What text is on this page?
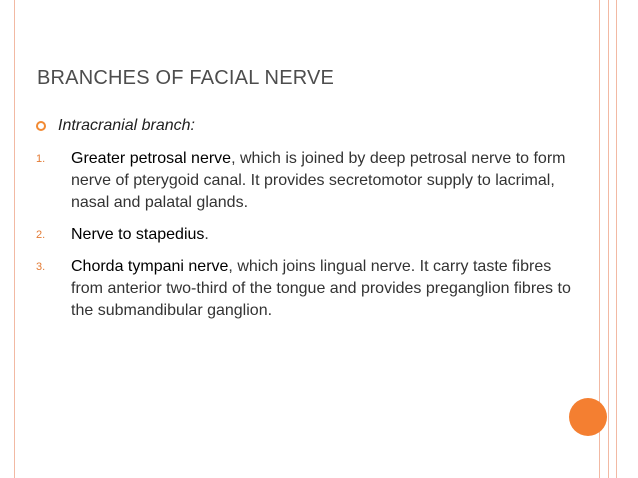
BRANCHES OF FACIAL NERVE
Intracranial branch:
1. Greater petrosal nerve, which is joined by deep petrosal nerve to form nerve of pterygoid canal. It provides secretomotor supply to lacrimal, nasal and palatal glands.
2. Nerve to stapedius.
3. Chorda tympani nerve, which joins lingual nerve. It carry taste fibres from anterior two-third of the tongue and provides preganglion fibres to the submandibular ganglion.
